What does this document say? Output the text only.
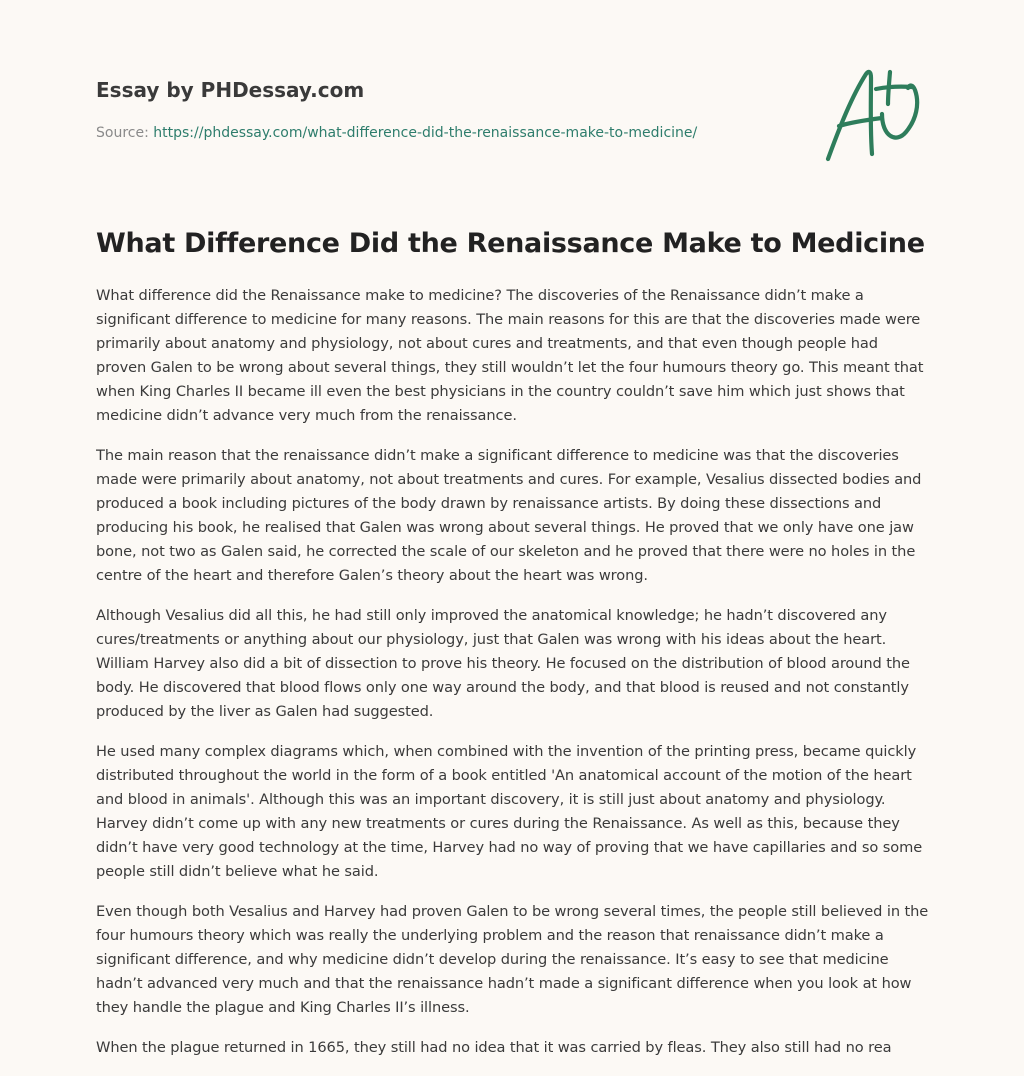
Essay by PHDessay.com
Source: https://phdessay.com/what-difference-did-the-renaissance-make-to-medicine/
What Difference Did the Renaissance Make to Medicine

What difference did the Renaissance make to medicine? The discoveries of the Renaissance didn’t make a significant difference to medicine for many reasons. The main reasons for this are that the discoveries made were primarily about anatomy and physiology, not about cures and treatments, and that even though people had proven Galen to be wrong about several things, they still wouldn’t let the four humours theory go. This meant that when King Charles II became ill even the best physicians in the country couldn’t save him which just shows that medicine didn’t advance very much from the renaissance.

The main reason that the renaissance didn’t make a significant difference to medicine was that the discoveries made were primarily about anatomy, not about treatments and cures. For example, Vesalius dissected bodies and produced a book including pictures of the body drawn by renaissance artists. By doing these dissections and producing his book, he realised that Galen was wrong about several things. He proved that we only have one jaw bone, not two as Galen said, he corrected the scale of our skeleton and he proved that there were no holes in the centre of the heart and therefore Galen’s theory about the heart was wrong.

Although Vesalius did all this, he had still only improved the anatomical knowledge; he hadn’t discovered any cures/treatments or anything about our physiology, just that Galen was wrong with his ideas about the heart. William Harvey also did a bit of dissection to prove his theory. He focused on the distribution of blood around the body. He discovered that blood flows only one way around the body, and that blood is reused and not constantly produced by the liver as Galen had suggested.

He used many complex diagrams which, when combined with the invention of the printing press, became quickly distributed throughout the world in the form of a book entitled 'An anatomical account of the motion of the heart and blood in animals'. Although this was an important discovery, it is still just about anatomy and physiology. Harvey didn’t come up with any new treatments or cures during the Renaissance. As well as this, because they didn’t have very good technology at the time, Harvey had no way of proving that we have capillaries and so some people still didn’t believe what he said.

Even though both Vesalius and Harvey had proven Galen to be wrong several times, the people still believed in the four humours theory which was really the underlying problem and the reason that renaissance didn’t make a significant difference, and why medicine didn’t develop during the renaissance. It’s easy to see that medicine hadn’t advanced very much and that the renaissance hadn’t made a significant difference when you look at how they handle the plague and King Charles II’s illness.

When the plague returned in 1665, they still had no idea that it was carried by fleas. They also still had no rea
